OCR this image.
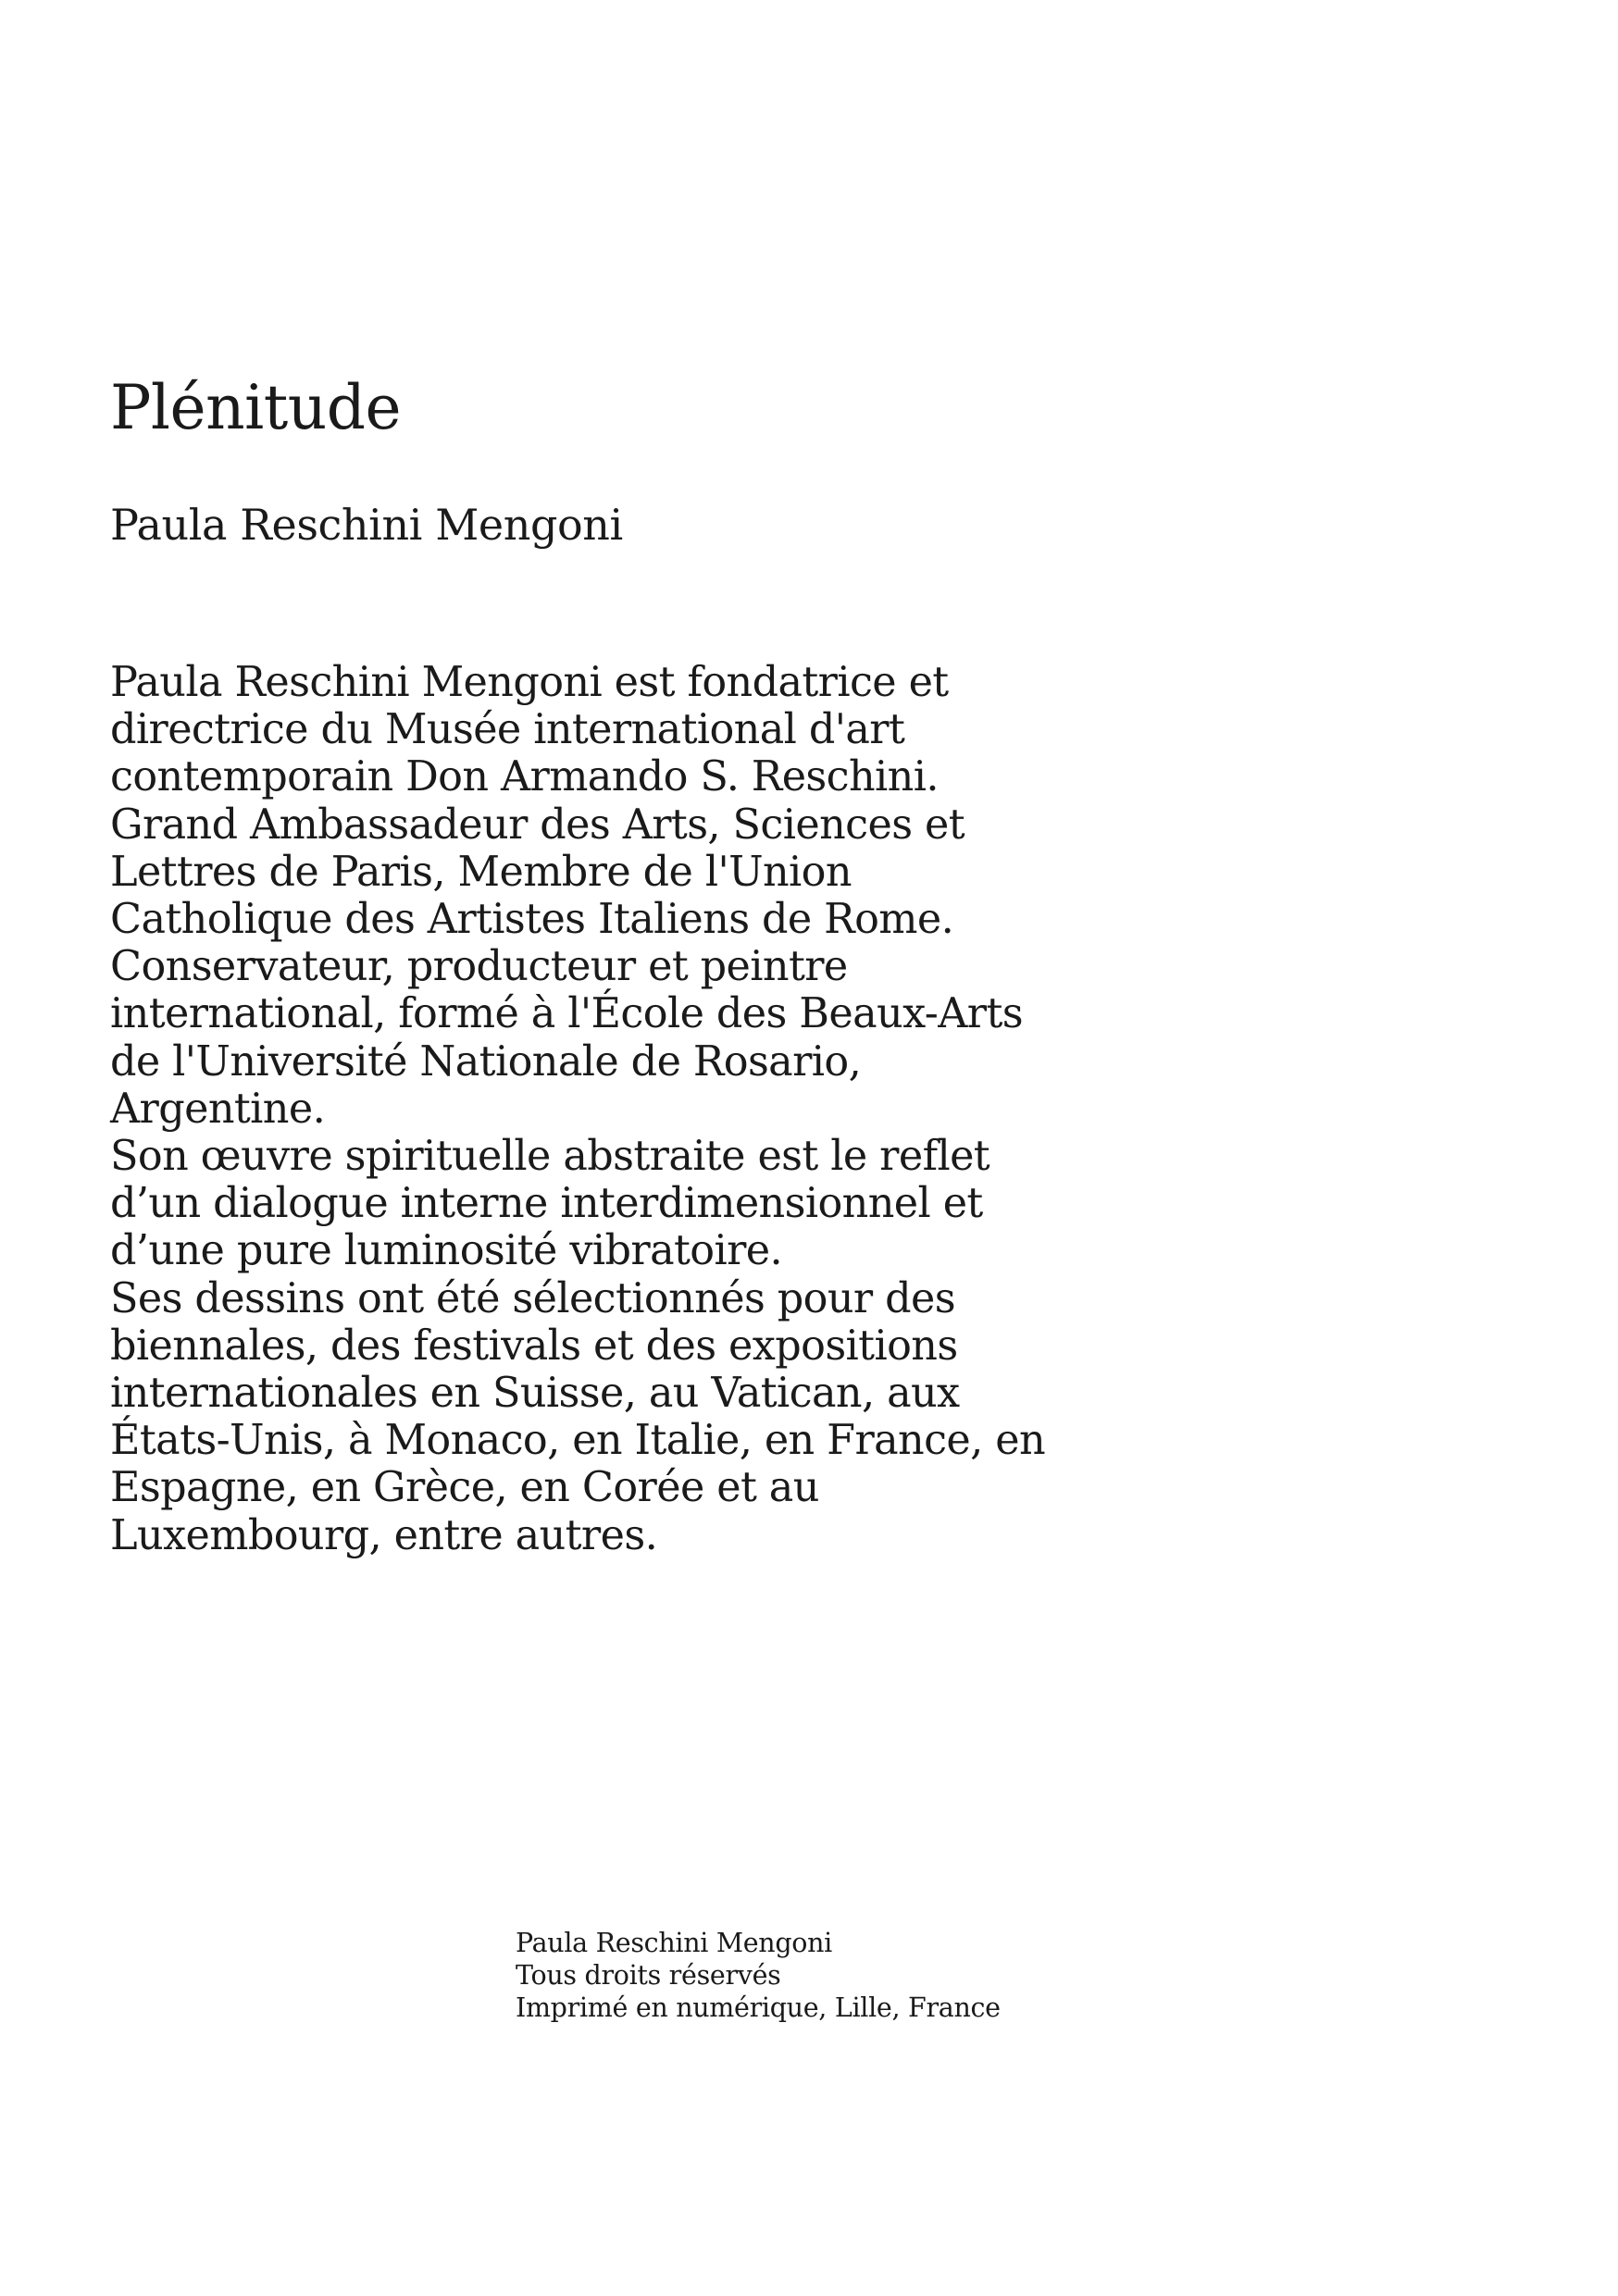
Plénitude
Paula Reschini Mengoni
Paula Reschini Mengoni est fondatrice et
directrice du Musée international d'art
contemporain Don Armando S. Reschini.
Grand Ambassadeur des Arts, Sciences et
Lettres de Paris, Membre de l'Union
Catholique des Artistes Italiens de Rome.
Conservateur, producteur et peintre
international, formé à l'École des Beaux-Arts
de l'Université Nationale de Rosario,
Argentine.
Son œuvre spirituelle abstraite est le reflet
d’un dialogue interne interdimensionnel et
d’une pure luminosité vibratoire.
Ses dessins ont été sélectionnés pour des
biennales, des festivals et des expositions
internationales en Suisse, au Vatican, aux
États-Unis, à Monaco, en Italie, en France, en
Espagne, en Grèce, en Corée et au
Luxembourg, entre autres.
Paula Reschini Mengoni
Tous droits réservés
Imprimé en numérique, Lille, France
